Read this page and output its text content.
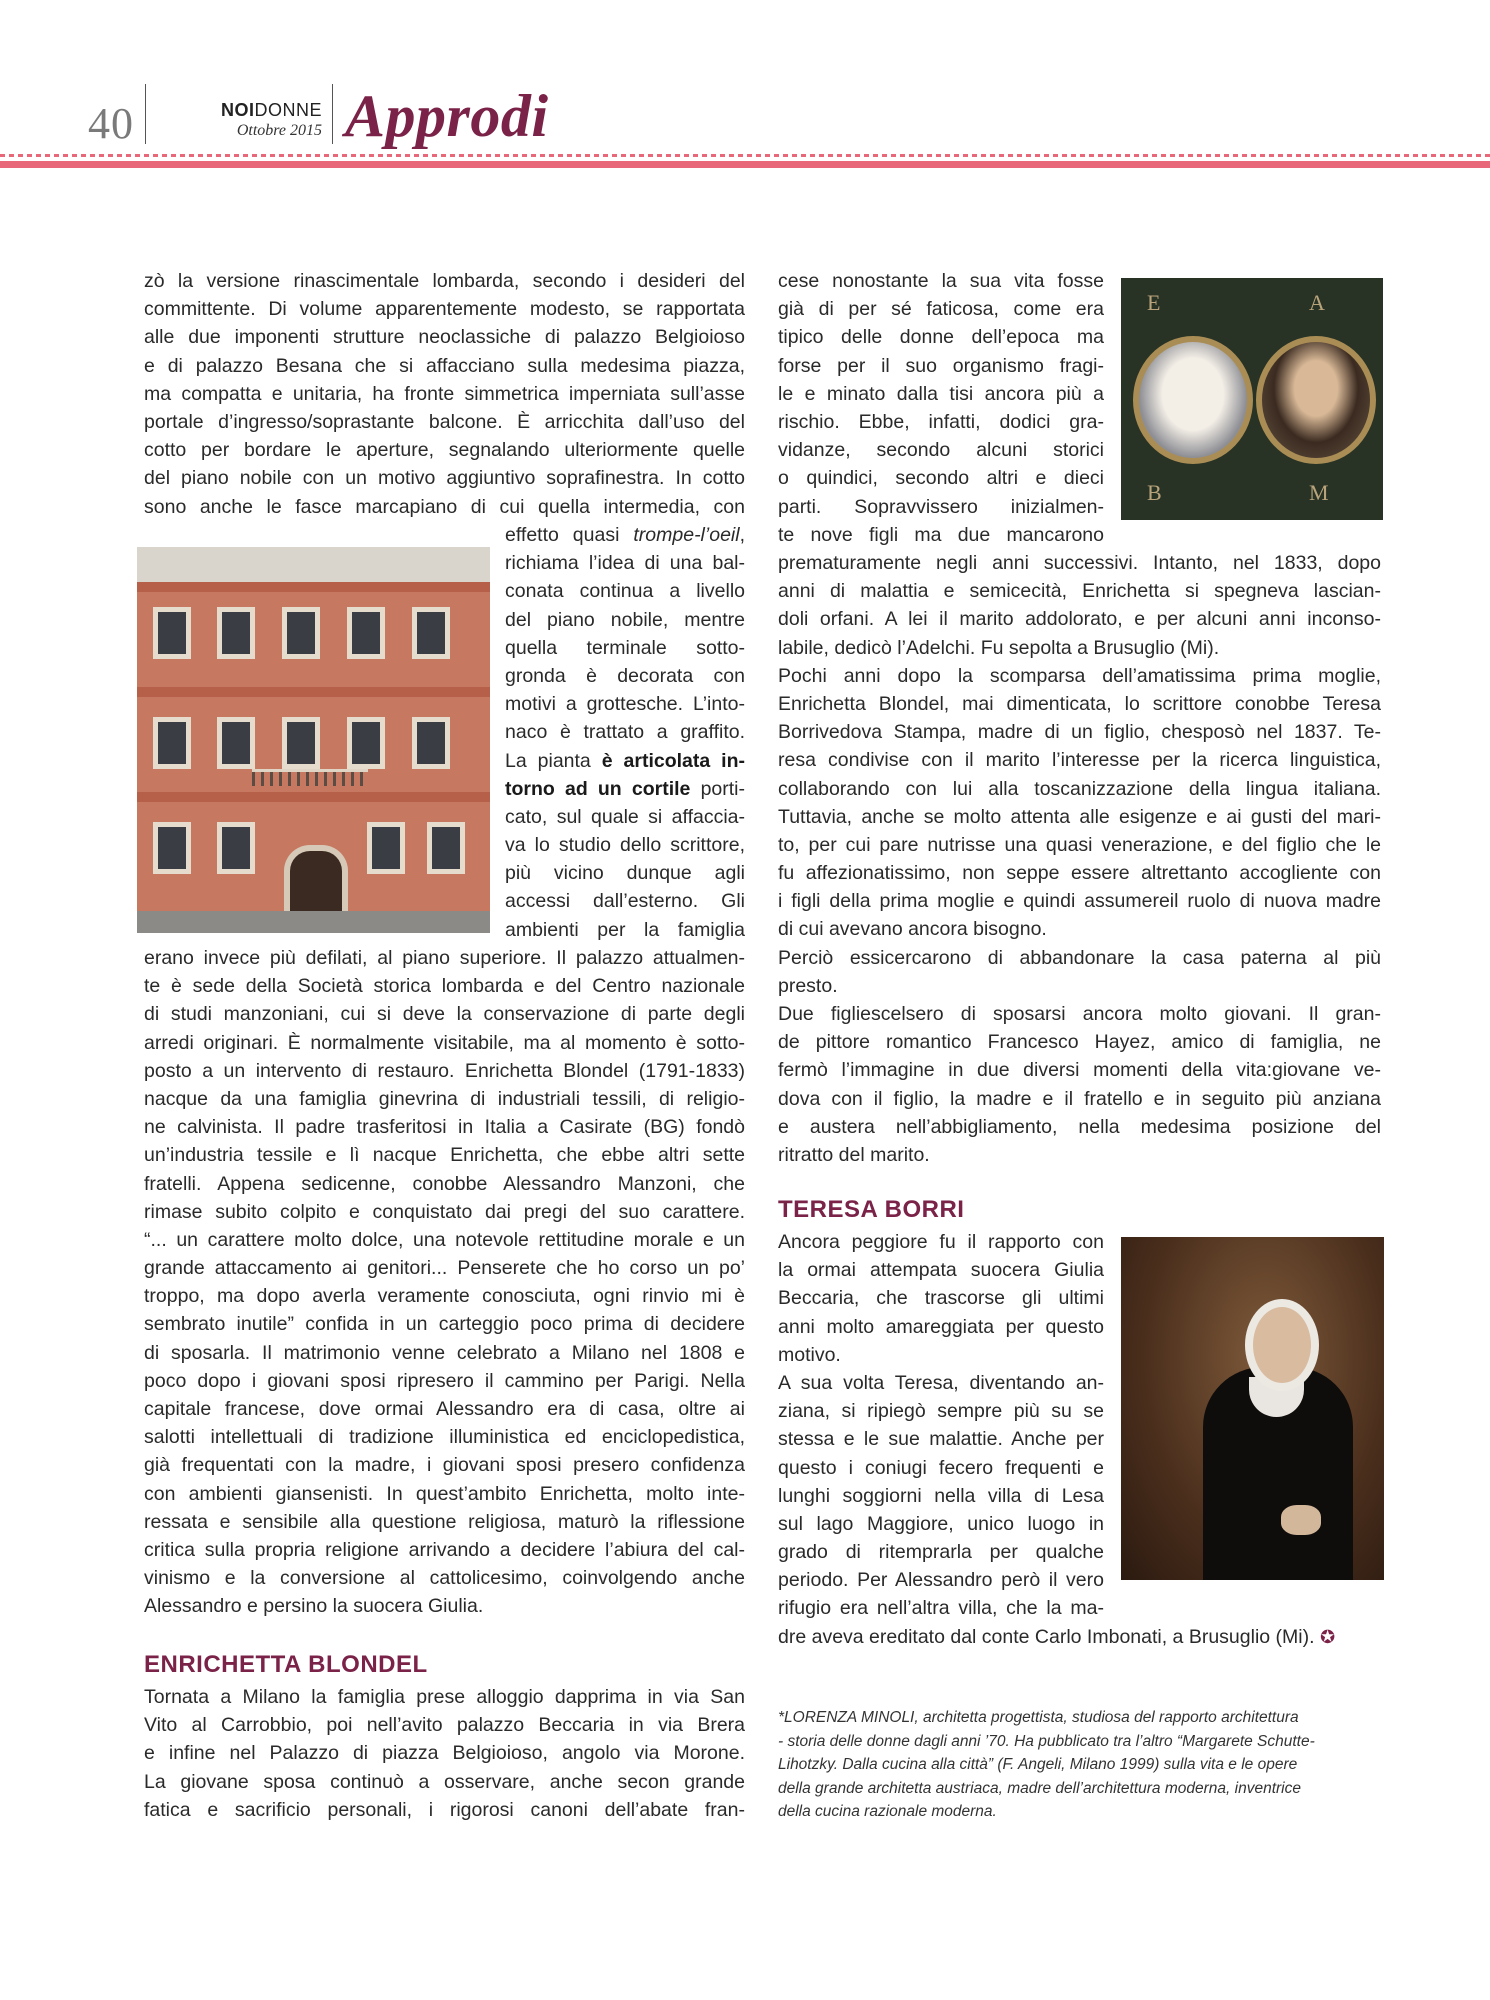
40	NOIDONNE
Ottobre 2015 Approdi
zò la versione rinascimentale lombarda, secondo i desideri del
committente. Di volume apparentemente modesto, se rapportata
alle due imponenti strutture neoclassiche di palazzo Belgioioso
e di palazzo Besana che si affacciano sulla medesima piazza,
ma compatta e unitaria, ha fronte simmetrica imperniata sull’asse
portale d’ingresso/soprastante balcone. È arricchita dall’uso del
cotto per bordare le aperture, segnalando ulteriormente quelle
del piano nobile con un motivo aggiuntivo soprafinestra. In cotto
sono anche le fasce marcapiano di cui quella intermedia, con
effetto quasi trompe-l’oeil,
richiama l’idea di una bal-
conata continua a livello
del piano nobile, mentre
quella terminale sotto-
gronda è decorata con
motivi a grottesche. L’into-
naco è trattato a graffito.
La pianta è articolata in-
torno ad un cortile porti-
cato, sul quale si affaccia-
va lo studio dello scrittore,
più vicino dunque agli
accessi dall’esterno. Gli
ambienti per la famiglia
erano invece più defilati, al piano superiore. Il palazzo attualmen-
te è sede della Società storica lombarda e del Centro nazionale
di studi manzoniani, cui si deve la conservazione di parte degli
arredi originari. È normalmente visitabile, ma al momento è sotto-
posto a un intervento di restauro. Enrichetta Blondel (1791-1833)
nacque da una famiglia ginevrina di industriali tessili, di religio-
ne calvinista. Il padre trasferitosi in Italia a Casirate (BG) fondò
un’industria tessile e lì nacque Enrichetta, che ebbe altri sette
fratelli. Appena sedicenne, conobbe Alessandro Manzoni, che
rimase subito colpito e conquistato dai pregi del suo carattere.
“... un carattere molto dolce, una notevole rettitudine morale e un
grande attaccamento ai genitori... Penserete che ho corso un po’
troppo, ma dopo averla veramente conosciuta, ogni rinvio mi è
sembrato inutile” confida in un carteggio poco prima di decidere
di sposarla. Il matrimonio venne celebrato a Milano nel 1808 e
poco dopo i giovani sposi ripresero il cammino per Parigi. Nella
capitale francese, dove ormai Alessandro era di casa, oltre ai
salotti intellettuali di tradizione illuministica ed enciclopedistica,
già frequentati con la madre, i giovani sposi presero confidenza
con ambienti giansenisti. In quest’ambito Enrichetta, molto inte-
ressata e sensibile alla questione religiosa, maturò la riflessione
critica sulla propria religione arrivando a decidere l’abiura del cal-
vinismo e la conversione al cattolicesimo, coinvolgendo anche
Alessandro e persino la suocera Giulia.
ENRICHETTA BLONDEL
Tornata a Milano la famiglia prese alloggio dapprima in via San
Vito al Carrobbio, poi nell’avito palazzo Beccaria in via Brera
e infine nel Palazzo di piazza Belgioioso, angolo via Morone.
La giovane sposa continuò a osservare, anche secon grande
fatica e sacrificio personali, i rigorosi canoni dell’abate fran-
E	A
B	M
cese nonostante la sua vita fosse
già di per sé faticosa, come era
tipico delle donne dell’epoca ma
forse per il suo organismo fragi-
le e minato dalla tisi ancora più a
rischio. Ebbe, infatti, dodici gra-
vidanze, secondo alcuni storici
o quindici, secondo altri e dieci
parti. Sopravvissero inizialmen-
te nove figli ma due mancarono
prematuramente negli anni successivi. Intanto, nel 1833, dopo
anni di malattia e semicecità, Enrichetta si spegneva lascian-
doli orfani. A lei il marito addolorato, e per alcuni anni inconso-
labile, dedicò l’Adelchi. Fu sepolta a Brusuglio (Mi).
Pochi anni dopo la scomparsa dell’amatissima prima moglie,
Enrichetta Blondel, mai dimenticata, lo scrittore conobbe Teresa
Borrivedova Stampa, madre di un figlio, chesposò nel 1837. Te-
resa condivise con il marito l’interesse per la ricerca linguistica,
collaborando con lui alla toscanizzazione della lingua italiana.
Tuttavia, anche se molto attenta alle esigenze e ai gusti del mari-
to, per cui pare nutrisse una quasi venerazione, e del figlio che le
fu affezionatissimo, non seppe essere altrettanto accogliente con
i figli della prima moglie e quindi assumereil ruolo di nuova madre
di cui avevano ancora bisogno.
Perciò essicercarono di abbandonare la casa paterna al più
presto.
Due figliescelsero di sposarsi ancora molto giovani. Il gran-
de pittore romantico Francesco Hayez, amico di famiglia, ne
fermò l’immagine in due diversi momenti della vita:giovane ve-
dova con il figlio, la madre e il fratello e in seguito più anziana
e austera nell’abbigliamento, nella medesima posizione del
ritratto del marito.
TERESA BORRI
Ancora peggiore fu il rapporto con
la ormai attempata suocera Giulia
Beccaria, che trascorse gli ultimi
anni molto amareggiata per questo
motivo.
A sua volta Teresa, diventando an-
ziana, si ripiegò sempre più su se
stessa e le sue malattie. Anche per
questo i coniugi fecero frequenti e
lunghi soggiorni nella villa di Lesa
sul lago Maggiore, unico luogo in
grado di ritemprarla per qualche
periodo. Per Alessandro però il vero
rifugio era nell’altra villa, che la ma-
dre aveva ereditato dal conte Carlo Imbonati, a Brusuglio (Mi). ✪
*LORENZA MINOLI, architetta progettista, studiosa del rapporto architettura
- storia delle donne dagli anni ’70. Ha pubblicato tra l’altro “Margarete Schutte-
Lihotzky. Dalla cucina alla città” (F. Angeli, Milano 1999) sulla vita e le opere
della grande architetta austriaca, madre dell’architettura moderna, inventrice
della cucina razionale moderna.
